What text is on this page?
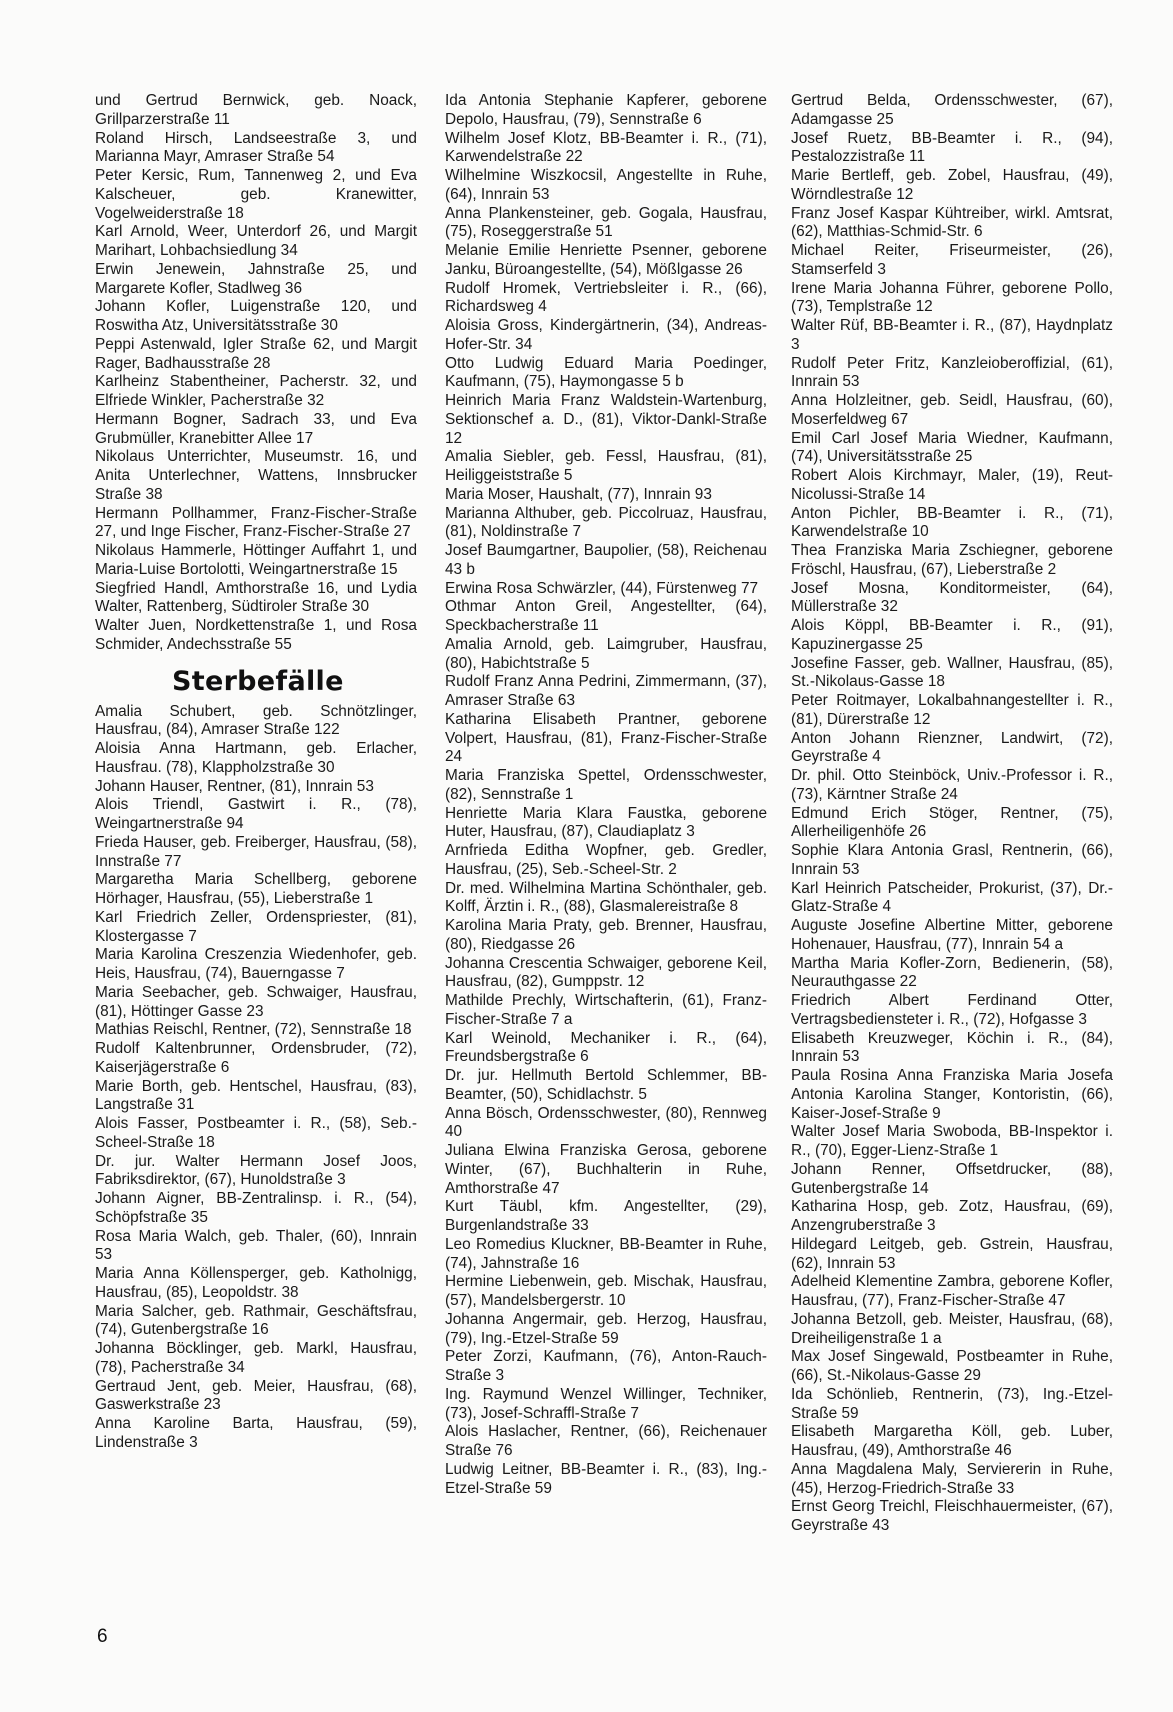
und Gertrud Bernwick, geb. Noack, Grillparzerstraße 11

Roland Hirsch, Landseestraße 3, und Marianna Mayr, Amraser Straße 54

Peter Kersic, Rum, Tannenweg 2, und Eva Kalscheuer, geb. Kranewitter, Vogelweiderstraße 18

Karl Arnold, Weer, Unterdorf 26, und Margit Marihart, Lohbachsiedlung 34

Erwin Jenewein, Jahnstraße 25, und Margarete Kofler, Stadlweg 36

Johann Kofler, Luigenstraße 120, und Roswitha Atz, Universitätsstraße 30

Peppi Astenwald, Igler Straße 62, und Margit Rager, Badhausstraße 28

Karlheinz Stabentheiner, Pacherstr. 32, und Elfriede Winkler, Pacherstraße 32

Hermann Bogner, Sadrach 33, und Eva Grubmüller, Kranebitter Allee 17

Nikolaus Unterrichter, Museumstr. 16, und Anita Unterlechner, Wattens, Innsbrucker Straße 38

Hermann Pollhammer, Franz-Fischer-Straße 27, und Inge Fischer, Franz-Fischer-Straße 27

Nikolaus Hammerle, Höttinger Auffahrt 1, und Maria-Luise Bortolotti, Weingartnerstraße 15

Siegfried Handl, Amthorstraße 16, und Lydia Walter, Rattenberg, Südtiroler Straße 30

Walter Juen, Nordkettenstraße 1, und Rosa Schmider, Andechsstraße 55

Sterbefälle

Amalia Schubert, geb. Schnötzlinger, Hausfrau, (84), Amraser Straße 122

Aloisia Anna Hartmann, geb. Erlacher, Hausfrau. (78), Klappholzstraße 30

Johann Hauser, Rentner, (81), Innrain 53

Alois Triendl, Gastwirt i. R., (78), Weingartnerstraße 94

Frieda Hauser, geb. Freiberger, Hausfrau, (58), Innstraße 77

Margaretha Maria Schellberg, geborene Hörhager, Hausfrau, (55), Lieberstraße 1

Karl Friedrich Zeller, Ordenspriester, (81), Klostergasse 7

Maria Karolina Creszenzia Wiedenhofer, geb. Heis, Hausfrau, (74), Bauerngasse 7

Maria Seebacher, geb. Schwaiger, Hausfrau, (81), Höttinger Gasse 23

Mathias Reischl, Rentner, (72), Sennstraße 18

Rudolf Kaltenbrunner, Ordensbruder, (72), Kaiserjägerstraße 6

Marie Borth, geb. Hentschel, Hausfrau, (83), Langstraße 31

Alois Fasser, Postbeamter i. R., (58), Seb.-Scheel-Straße 18

Dr. jur. Walter Hermann Josef Joos, Fabriksdirektor, (67), Hunoldstraße 3

Johann Aigner, BB-Zentralinsp. i. R., (54), Schöpfstraße 35

Rosa Maria Walch, geb. Thaler, (60), Innrain 53

Maria Anna Köllensperger, geb. Katholnigg, Hausfrau, (85), Leopoldstr. 38

Maria Salcher, geb. Rathmair, Geschäftsfrau, (74), Gutenbergstraße 16

Johanna Böcklinger, geb. Markl, Hausfrau, (78), Pacherstraße 34

Gertraud Jent, geb. Meier, Hausfrau, (68), Gaswerkstraße 23

Anna Karoline Barta, Hausfrau, (59), Lindenstraße 3

Ida Antonia Stephanie Kapferer, geborene Depolo, Hausfrau, (79), Sennstraße 6

Wilhelm Josef Klotz, BB-Beamter i. R., (71), Karwendelstraße 22

Wilhelmine Wiszkocsil, Angestellte in Ruhe, (64), Innrain 53

Anna Plankensteiner, geb. Gogala, Hausfrau, (75), Roseggerstraße 51

Melanie Emilie Henriette Psenner, geborene Janku, Büroangestellte, (54), Mößlgasse 26

Rudolf Hromek, Vertriebsleiter i. R., (66), Richardsweg 4

Aloisia Gross, Kindergärtnerin, (34), Andreas-Hofer-Str. 34

Otto Ludwig Eduard Maria Poedinger, Kaufmann, (75), Haymongasse 5 b

Heinrich Maria Franz Waldstein-Wartenburg, Sektionschef a. D., (81), Viktor-Dankl-Straße 12

Amalia Siebler, geb. Fessl, Hausfrau, (81), Heiliggeiststraße 5

Maria Moser, Haushalt, (77), Innrain 93

Marianna Althuber, geb. Piccolruaz, Hausfrau, (81), Noldinstraße 7

Josef Baumgartner, Baupolier, (58), Reichenau 43 b

Erwina Rosa Schwärzler, (44), Fürstenweg 77

Othmar Anton Greil, Angestellter, (64), Speckbacherstraße 11

Amalia Arnold, geb. Laimgruber, Hausfrau, (80), Habichtstraße 5

Rudolf Franz Anna Pedrini, Zimmermann, (37), Amraser Straße 63

Katharina Elisabeth Prantner, geborene Volpert, Hausfrau, (81), Franz-Fischer-Straße 24

Maria Franziska Spettel, Ordensschwester, (82), Sennstraße 1

Henriette Maria Klara Faustka, geborene Huter, Hausfrau, (87), Claudiaplatz 3

Arnfrieda Editha Wopfner, geb. Gredler, Hausfrau, (25), Seb.-Scheel-Str. 2

Dr. med. Wilhelmina Martina Schönthaler, geb. Kolff, Ärztin i. R., (88), Glasmalereistraße 8

Karolina Maria Praty, geb. Brenner, Hausfrau, (80), Riedgasse 26

Johanna Crescentia Schwaiger, geborene Keil, Hausfrau, (82), Gumppstr. 12

Mathilde Prechly, Wirtschafterin, (61), Franz-Fischer-Straße 7 a

Karl Weinold, Mechaniker i. R., (64), Freundsbergstraße 6

Dr. jur. Hellmuth Bertold Schlemmer, BB-Beamter, (50), Schidlachstr. 5

Anna Bösch, Ordensschwester, (80), Rennweg 40

Juliana Elwina Franziska Gerosa, geborene Winter, (67), Buchhalterin in Ruhe, Amthorstraße 47

Kurt Täubl, kfm. Angestellter, (29), Burgenlandstraße 33

Leo Romedius Kluckner, BB-Beamter in Ruhe, (74), Jahnstraße 16

Hermine Liebenwein, geb. Mischak, Hausfrau, (57), Mandelsbergerstr. 10

Johanna Angermair, geb. Herzog, Hausfrau, (79), Ing.-Etzel-Straße 59

Peter Zorzi, Kaufmann, (76), Anton-Rauch-Straße 3

Ing. Raymund Wenzel Willinger, Techniker, (73), Josef-Schraffl-Straße 7

Alois Haslacher, Rentner, (66), Reichenauer Straße 76

Ludwig Leitner, BB-Beamter i. R., (83), Ing.-Etzel-Straße 59

Gertrud Belda, Ordensschwester, (67), Adamgasse 25

Josef Ruetz, BB-Beamter i. R., (94), Pestalozzistraße 11

Marie Bertleff, geb. Zobel, Hausfrau, (49), Wörndlestraße 12

Franz Josef Kaspar Kühtreiber, wirkl. Amtsrat, (62), Matthias-Schmid-Str. 6

Michael Reiter, Friseurmeister, (26), Stamserfeld 3

Irene Maria Johanna Führer, geborene Pollo, (73), Templstraße 12

Walter Rüf, BB-Beamter i. R., (87), Haydnplatz 3

Rudolf Peter Fritz, Kanzleioberoffizial, (61), Innrain 53

Anna Holzleitner, geb. Seidl, Hausfrau, (60), Moserfeldweg 67

Emil Carl Josef Maria Wiedner, Kaufmann, (74), Universitätsstraße 25

Robert Alois Kirchmayr, Maler, (19), Reut-Nicolussi-Straße 14

Anton Pichler, BB-Beamter i. R., (71), Karwendelstraße 10

Thea Franziska Maria Zschiegner, geborene Fröschl, Hausfrau, (67), Lieberstraße 2

Josef Mosna, Konditormeister, (64), Müllerstraße 32

Alois Köppl, BB-Beamter i. R., (91), Kapuzinergasse 25

Josefine Fasser, geb. Wallner, Hausfrau, (85), St.-Nikolaus-Gasse 18

Peter Roitmayer, Lokalbahnangestellter i. R., (81), Dürerstraße 12

Anton Johann Rienzner, Landwirt, (72), Geyrstraße 4

Dr. phil. Otto Steinböck, Univ.-Professor i. R., (73), Kärntner Straße 24

Edmund Erich Stöger, Rentner, (75), Allerheiligenhöfe 26

Sophie Klara Antonia Grasl, Rentnerin, (66), Innrain 53

Karl Heinrich Patscheider, Prokurist, (37), Dr.-Glatz-Straße 4

Auguste Josefine Albertine Mitter, geborene Hohenauer, Hausfrau, (77), Innrain 54 a

Martha Maria Kofler-Zorn, Bedienerin, (58), Neurauthgasse 22

Friedrich Albert Ferdinand Otter, Vertragsbediensteter i. R., (72), Hofgasse 3

Elisabeth Kreuzweger, Köchin i. R., (84), Innrain 53

Paula Rosina Anna Franziska Maria Josefa Antonia Karolina Stanger, Kontoristin, (66), Kaiser-Josef-Straße 9

Walter Josef Maria Swoboda, BB-Inspektor i. R., (70), Egger-Lienz-Straße 1

Johann Renner, Offsetdrucker, (88), Gutenbergstraße 14

Katharina Hosp, geb. Zotz, Hausfrau, (69), Anzengruberstraße 3

Hildegard Leitgeb, geb. Gstrein, Hausfrau, (62), Innrain 53

Adelheid Klementine Zambra, geborene Kofler, Hausfrau, (77), Franz-Fischer-Straße 47

Johanna Betzoll, geb. Meister, Hausfrau, (68), Dreiheiligenstraße 1 a

Max Josef Singewald, Postbeamter in Ruhe, (66), St.-Nikolaus-Gasse 29

Ida Schönlieb, Rentnerin, (73), Ing.-Etzel-Straße 59

Elisabeth Margaretha Köll, geb. Luber, Hausfrau, (49), Amthorstraße 46

Anna Magdalena Maly, Serviererin in Ruhe, (45), Herzog-Friedrich-Straße 33

Ernst Georg Treichl, Fleischhauermeister, (67), Geyrstraße 43

6
